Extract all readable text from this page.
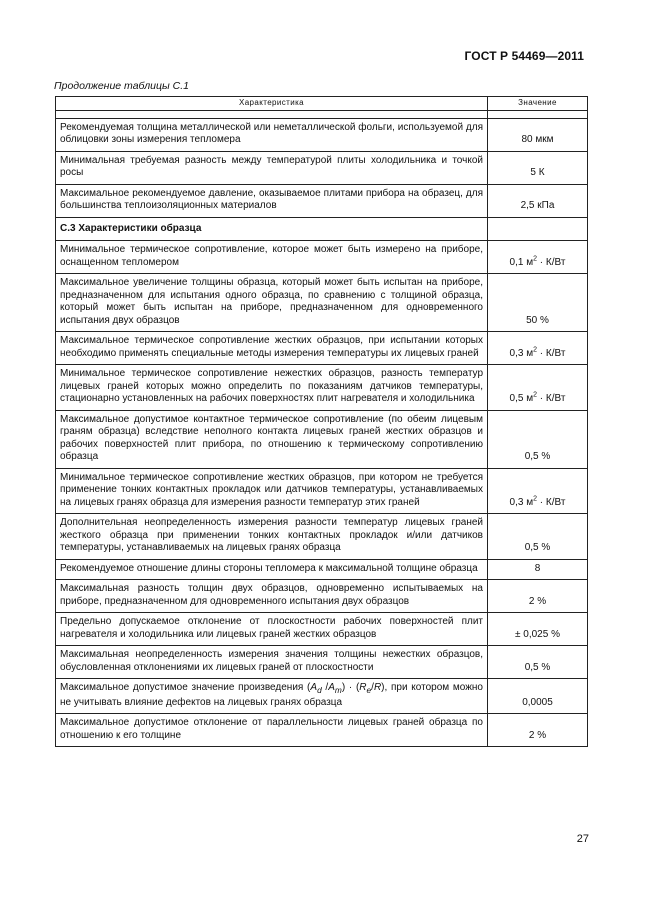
ГОСТ Р 54469—2011
Продолжение таблицы С.1
Характеристика	Значение

Рекомендуемая толщина металлической или неметаллической фольги, используемой для облицовки зоны измерения тепломера	80 мкм
Минимальная требуемая разность между температурой плиты холодильника и точкой росы	5 К
Максимальное рекомендуемое давление, оказываемое плитами прибора на образец, для большинства теплоизоляционных материалов	2,5 кПа
С.3 Характеристики образца	
Минимальное термическое сопротивление, которое может быть измерено на приборе, оснащенном тепломером	0,1 $м^2 \cdot К/Вт$
Максимальное увеличение толщины образца, который может быть испытан на приборе, предназначенном для испытания одного образца, по сравнению с толщиной образца, который может быть испытан на приборе, предназначенном для одновременного испытания двух образцов	50 %
Максимальное термическое сопротивление жестких образцов, при испытании которых необходимо применять специальные методы измерения температуры их лицевых граней	0,3 $м^2 \cdot К/Вт$
Минимальное термическое сопротивление нежестких образцов, разность температур лицевых граней которых можно определить по показаниям датчиков температуры, стационарно установленных на рабочих поверхностях плит нагревателя и холодильника	0,5 $м^2 \cdot К/Вт$
Максимальное допустимое контактное термическое сопротивление (по обеим лицевым граням образца) вследствие неполного контакта лицевых граней жестких образцов и рабочих поверхностей плит прибора, по отношению к термическому сопротивлению образца	0,5 %
Минимальное термическое сопротивление жестких образцов, при котором не требуется применение тонких контактных прокладок или датчиков температуры, устанавливаемых на лицевых гранях образца для измерения разности температур этих граней	0,3 $м^2 \cdot К/Вт$
Дополнительная неопределенность измерения разности температур лицевых граней жесткого образца при применении тонких контактных прокладок и/или датчиков температуры, устанавливаемых на лицевых гранях образца	0,5 %
Рекомендуемое отношение длины стороны тепломера к максимальной толщине образца	8
Максимальная разность толщин двух образцов, одновременно испытываемых на приборе, предназначенном для одновременного испытания двух образцов	2 %
Предельно допускаемое отклонение от плоскостности рабочих поверхностей плит нагревателя и холодильника или лицевых граней жестких образцов	± 0,025 %
Максимальная неопределенность измерения значения толщины нежестких образцов, обусловленная отклонениями их лицевых граней от плоскостности	0,5 %
Максимальное допустимое значение произведения ($A_d$ $/A_m) \cdot (R_e/R)$, при котором можно не учитывать влияние дефектов на лицевых гранях образца	0,0005
Максимальное допустимое отклонение от параллельности лицевых граней образца по отношению к его толщине	2 %
27
